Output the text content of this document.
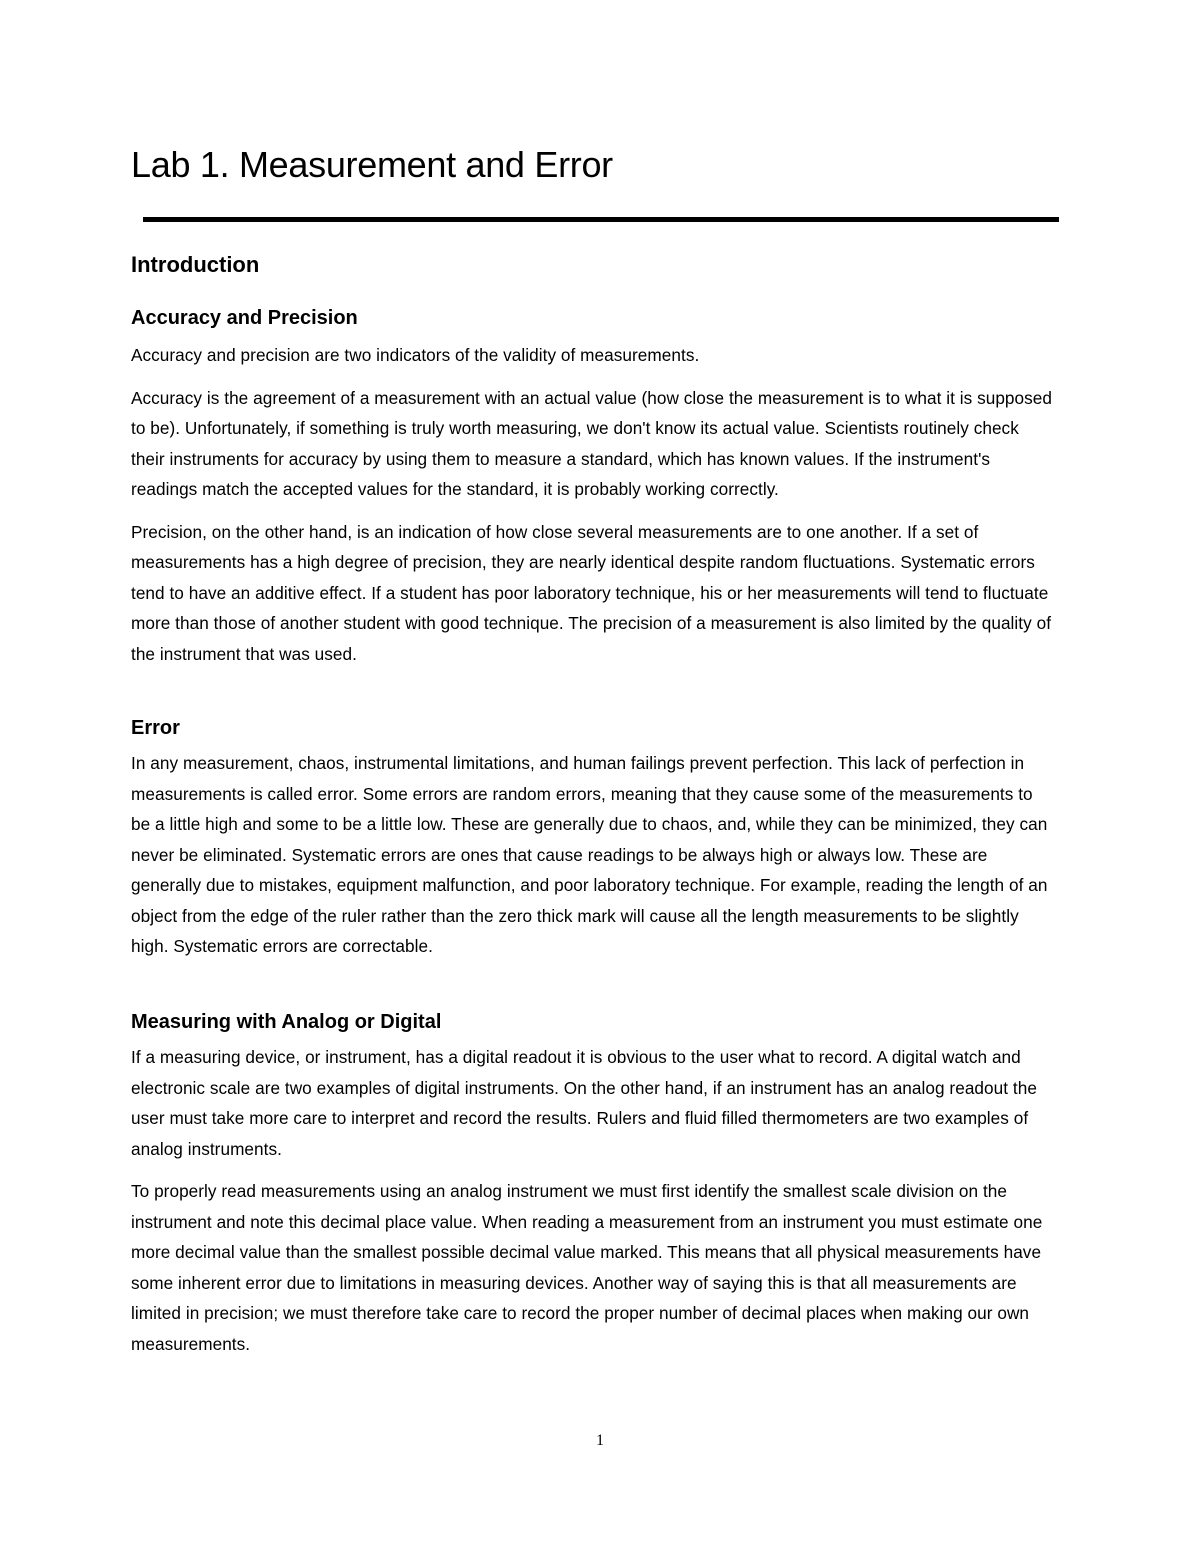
Lab 1. Measurement and Error
Introduction
Accuracy and Precision

Accuracy and precision are two indicators of the validity of measurements.

Accuracy is the agreement of a measurement with an actual value (how close the measurement is to what it is supposed to be). Unfortunately, if something is truly worth measuring, we don't know its actual value. Scientists routinely check their instruments for accuracy by using them to measure a standard, which has known values. If the instrument's readings match the accepted values for the standard, it is probably working correctly.

Precision, on the other hand, is an indication of how close several measurements are to one another. If a set of measurements has a high degree of precision, they are nearly identical despite random fluctuations. Systematic errors tend to have an additive effect. If a student has poor laboratory technique, his or her measurements will tend to fluctuate more than those of another student with good technique. The precision of a measurement is also limited by the quality of the instrument that was used.

Error

In any measurement, chaos, instrumental limitations, and human failings prevent perfection. This lack of perfection in measurements is called error. Some errors are random errors, meaning that they cause some of the measurements to be a little high and some to be a little low. These are generally due to chaos, and, while they can be minimized, they can never be eliminated. Systematic errors are ones that cause readings to be always high or always low. These are generally due to mistakes, equipment malfunction, and poor laboratory technique. For example, reading the length of an object from the edge of the ruler rather than the zero thick mark will cause all the length measurements to be slightly high. Systematic errors are correctable.

Measuring with Analog or Digital

If a measuring device, or instrument, has a digital readout it is obvious to the user what to record. A digital watch and electronic scale are two examples of digital instruments. On the other hand, if an instrument has an analog readout the user must take more care to interpret and record the results. Rulers and fluid filled thermometers are two examples of analog instruments.

To properly read measurements using an analog instrument we must first identify the smallest scale division on the instrument and note this decimal place value. When reading a measurement from an instrument you must estimate one more decimal value than the smallest possible decimal value marked. This means that all physical measurements have some inherent error due to limitations in measuring devices. Another way of saying this is that all measurements are limited in precision; we must therefore take care to record the proper number of decimal places when making our own measurements.

1
